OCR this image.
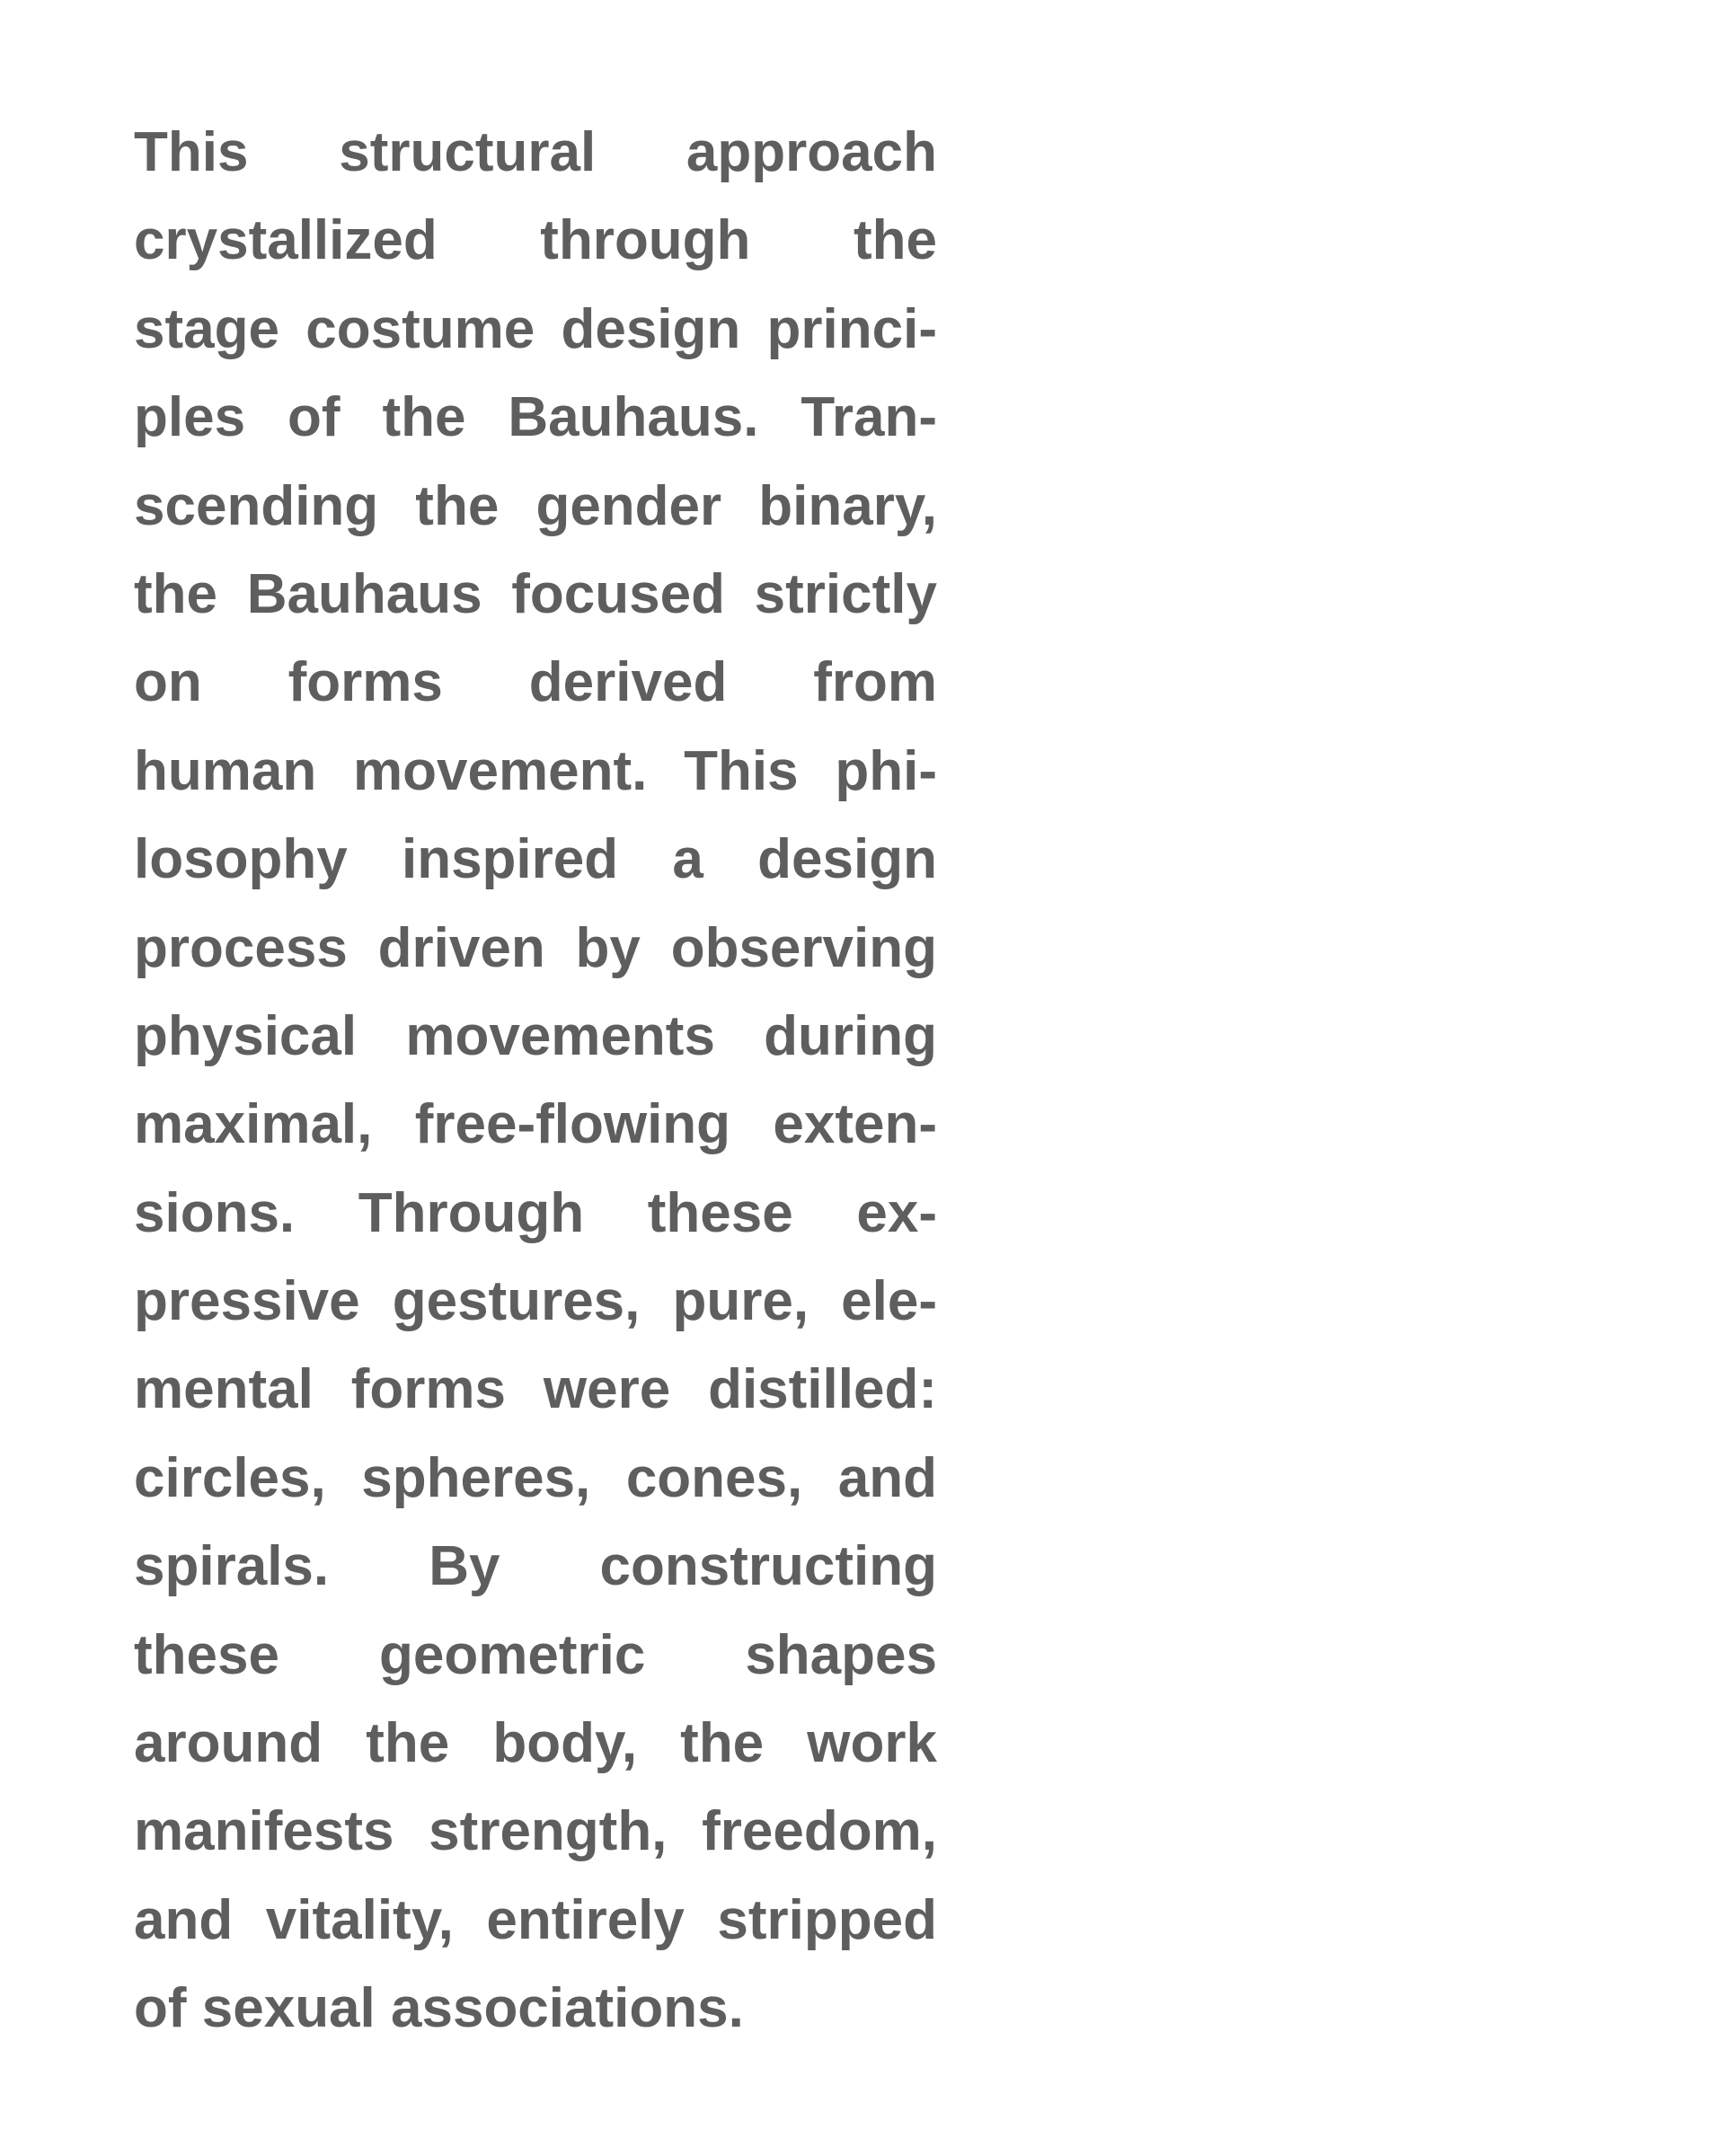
This structural approach
crystallized through the
stage costume design princi-
ples of the Bauhaus. Tran-
scending the gender binary,
the Bauhaus focused strictly
on forms derived from
human movement. This phi-
losophy inspired a design
process driven by observing
physical movements during
maximal, free-flowing exten-
sions. Through these ex-
pressive gestures, pure, ele-
mental forms were distilled:
circles, spheres, cones, and
spirals. By constructing
these geometric shapes
around the body, the work
manifests strength, freedom,
and vitality, entirely stripped
of sexual associations.
